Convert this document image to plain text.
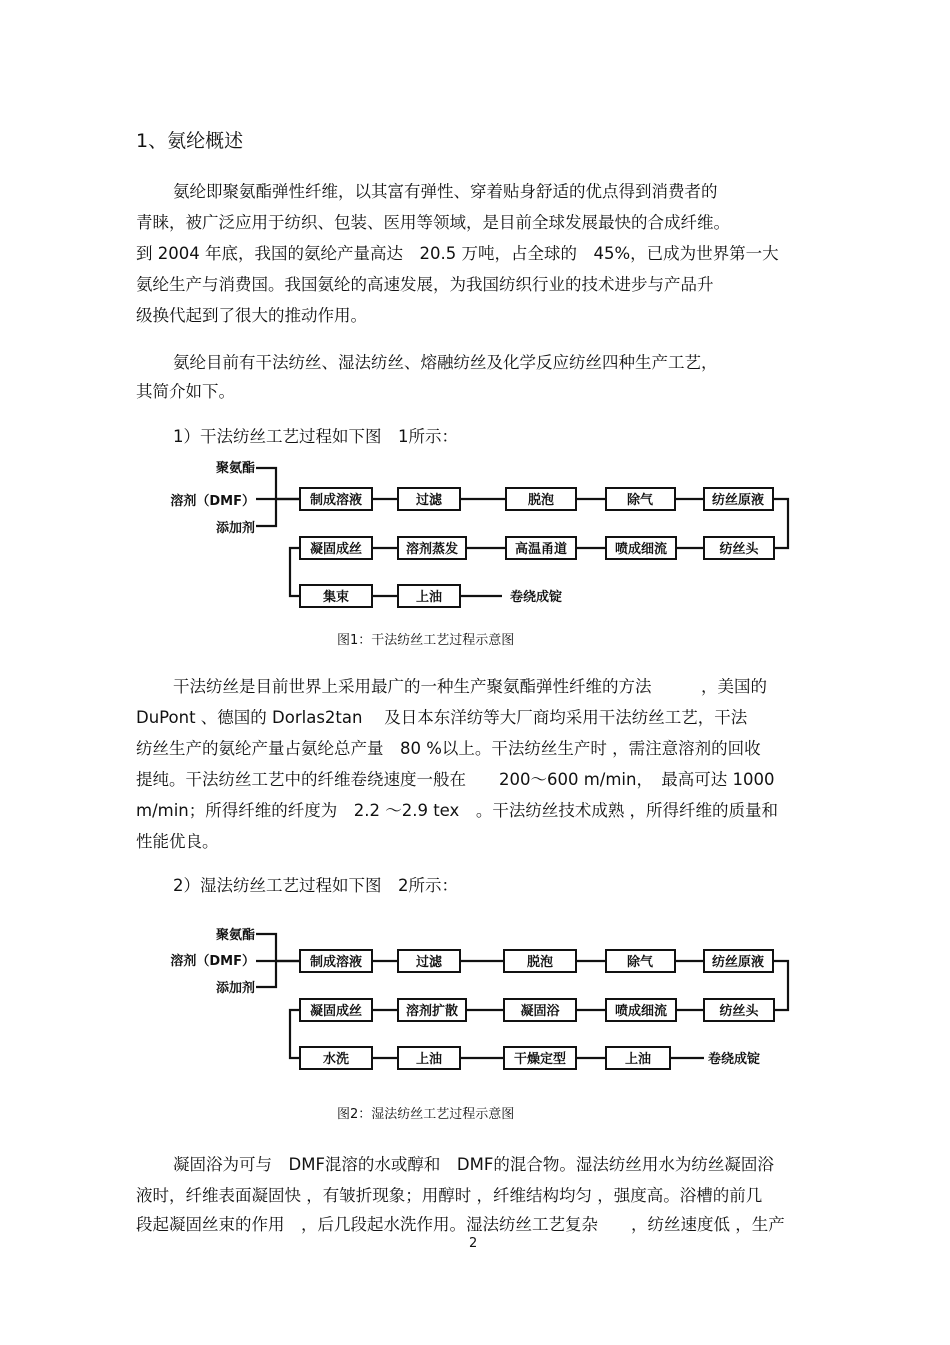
1、氨纶概述
氨纶即聚氨酯弹性纤维，以其富有弹性、穿着贴身舒适的优点得到消费者的
青睐，被广泛应用于纺织、包装、医用等领域，是目前全球发展最快的合成纤维。
到 2004 年底，我国的氨纶产量高达　20.5 万吨，占全球的　45%，已成为世界第一大
氨纶生产与消费国。我国氨纶的高速发展，为我国纺织行业的技术进步与产品升
级换代起到了很大的推动作用。
氨纶目前有干法纺丝、湿法纺丝、熔融纺丝及化学反应纺丝四种生产工艺，
其简介如下。
1）干法纺丝工艺过程如下图　1所示：
聚氨酯
溶剂（DMF）
添加剂
制成溶液	过滤	脱泡	除气	纺丝原液
凝固成丝	溶剂蒸发	高温甬道	喷成细流	纺丝头
集束	上油	卷绕成锭
图1：干法纺丝工艺过程示意图
干法纺丝是目前世界上采用最广的一种生产聚氨酯弹性纤维的方法　　　，美国的
DuPont 、德国的 Dorlas2tan　 及日本东洋纺等大厂商均采用干法纺丝工艺，干法
纺丝生产的氨纶产量占氨纶总产量　80 %以上。干法纺丝生产时 ，需注意溶剂的回收
提纯。干法纺丝工艺中的纤维卷绕速度一般在　　200～600 m/min，　最高可达 1000
m/min；所得纤维的纤度为　2.2 ～2.9 tex　。干法纺丝技术成熟 ，所得纤维的质量和
性能优良。
2）湿法纺丝工艺过程如下图　2所示：
聚氨酯
溶剂（DMF）
添加剂
制成溶液	过滤	脱泡	除气	纺丝原液
凝固成丝	溶剂扩散	凝固浴	喷成细流	纺丝头
水洗	上油	干燥定型	上油	卷绕成锭
图2：湿法纺丝工艺过程示意图
凝固浴为可与　DMF混溶的水或醇和　DMF的混合物。湿法纺丝用水为纺丝凝固浴
液时，纤维表面凝固快 ，有皱折现象；用醇时 ，纤维结构均匀 ，强度高。浴槽的前几
段起凝固丝束的作用　，后几段起水洗作用。湿法纺丝工艺复杂　　，纺丝速度低 ，生产
2
